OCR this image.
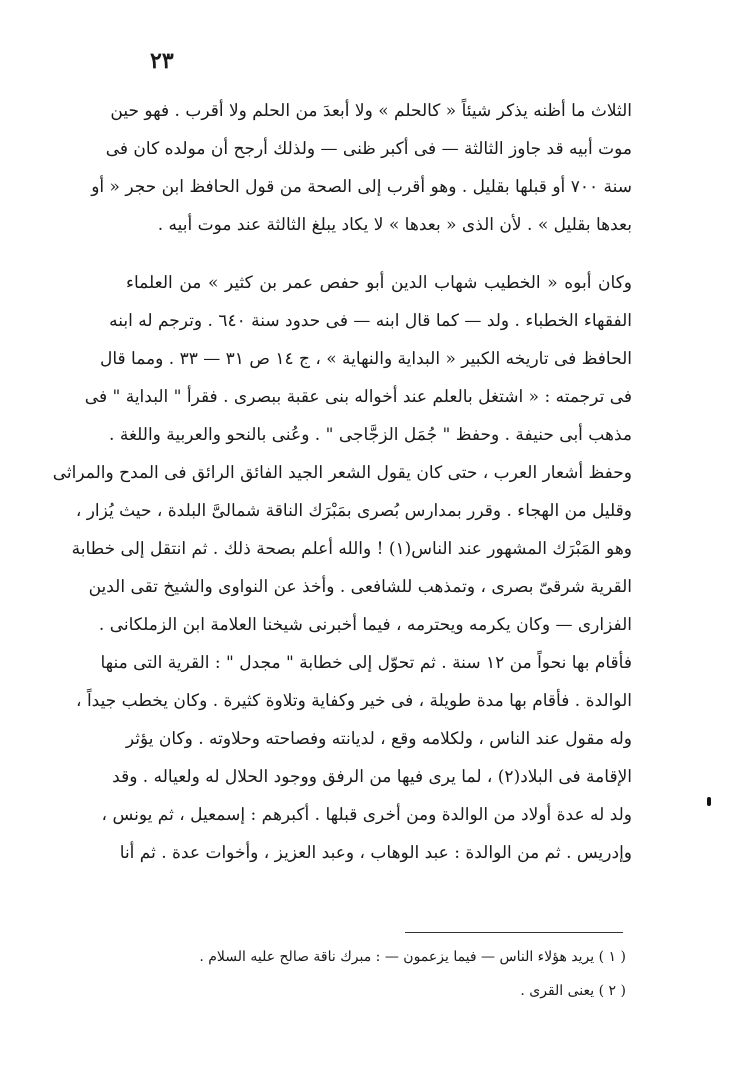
٢٣
الثلاث ما أظنه يذكر شيئاً « كالحلم » ولا أبعدَ من الحلم ولا أقرب . فهو حين
موت أبيه قد جاوز الثالثة — فى أكبر ظنى — ولذلك أرجح أن مولده كان فى
سنة ٧٠٠ أو قبلها بقليل . وهو أقرب إلى الصحة من قول الحافظ ابن حجر « أو
بعدها بقليل » . لأن الذى « بعدها » لا يكاد يبلغ الثالثة عند موت أبيه .
وكان أبوه « الخطيب شهاب الدين أبو حفص عمر بن كثير » من العلماء
الفقهاء الخطباء . ولد — كما قال ابنه — فى حدود سنة ٦٤٠ . وترجم له ابنه
الحافظ فى تاريخه الكبير « البداية والنهاية » ، ج ١٤ ص ٣١ — ٣٣ . ومما قال
فى ترجمته : « اشتغل بالعلم عند أخواله بنى عقبة ببصرى . فقرأ " البداية " فى
مذهب أبى حنيفة . وحفظ " جُمَل الزجَّاجى " . وعُنى بالنحو والعربية واللغة .
وحفظ أشعار العرب ، حتى كان يقول الشعر الجيد الفائق الرائق فى المدح والمراثى
وقليل من الهجاء . وقرر بمدارس بُصرى بمَبْرَك الناقة شمالىَّ البلدة ، حيث يُزار ،
وهو المَبْرَك المشهور عند الناس(١) ! والله أعلم بصحة ذلك . ثم انتقل إلى خطابة
القرية شرقىّ بصرى ، وتمذهب للشافعى . وأخذ عن النواوى والشيخ تقى الدين
الفزارى — وكان يكرمه ويحترمه ، فيما أخبرنى شيخنا العلامة ابن الزملكانى .
فأقام بها نحواً من ١٢ سنة . ثم تحوّل إلى خطابة " مجدل " : القرية التى منها
الوالدة . فأقام بها مدة طويلة ، فى خير وكفاية وتلاوة كثيرة . وكان يخطب جيداً ،
وله مقول عند الناس ، ولكلامه وقع ، لديانته وفصاحته وحلاوته . وكان يؤثر
الإقامة فى البلاد(٢) ، لما يرى فيها من الرفق ووجود الحلال له ولعياله . وقد
ولد له عدة أولاد من الوالدة ومن أخرى قبلها . أكبرهم : إسمعيل ، ثم يونس ،
وإدريس . ثم من الوالدة : عبد الوهاب ، وعبد العزيز ، وأخوات عدة . ثم أنا
( ١ ) يريد هؤلاء الناس — فيما يزعمون — : مبرك ناقة صالح عليه السلام .
( ٢ ) يعنى القرى .
